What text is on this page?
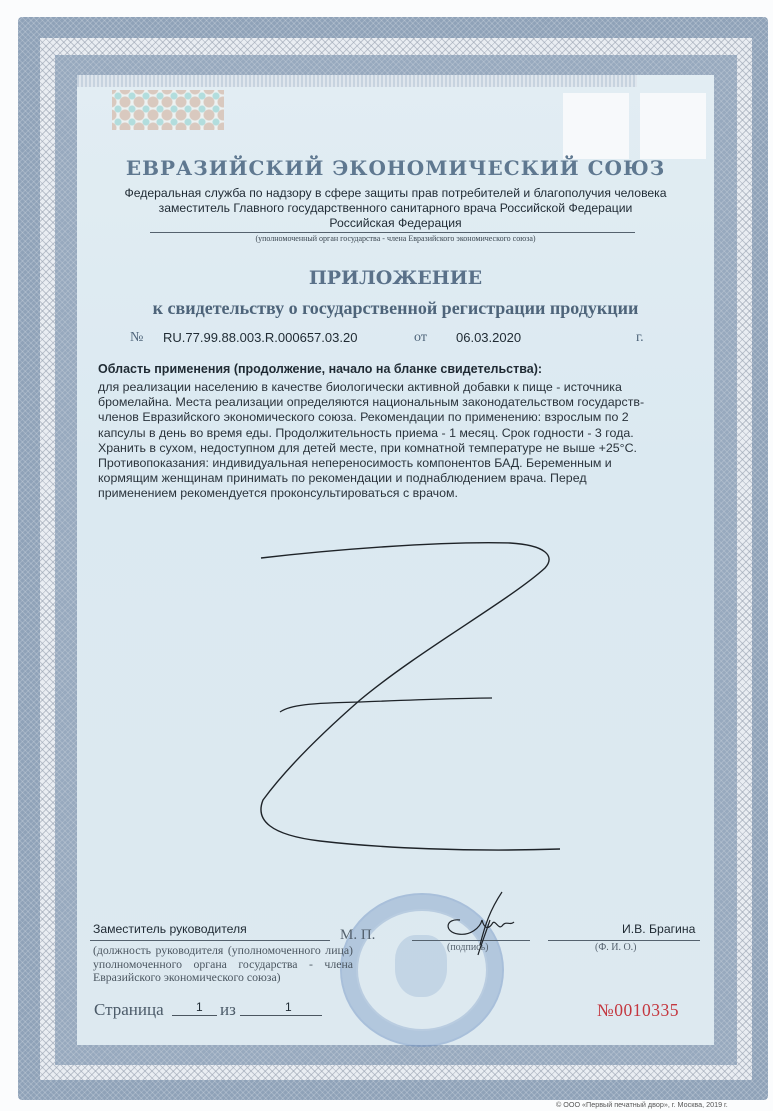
ЕВРАЗИЙСКИЙ ЭКОНОМИЧЕСКИЙ СОЮЗ
Федеральная служба по надзору в сфере защиты прав потребителей и благополучия человека
заместитель Главного государственного санитарного врача Российской Федерации
Российская Федерация
(уполномоченный орган государства - члена Евразийского экономического союза)
ПРИЛОЖЕНИЕ
к свидетельству о государственной регистрации продукции
№ RU.77.99.88.003.R.000657.03.20	от 06.03.2020	г.
Область применения (продолжение, начало на бланке свидетельства):
для реализации населению в качестве биологически активной добавки к пище - источника
бромелайна. Места реализации определяются национальным законодательством государств-
членов Евразийского экономического союза. Рекомендации по применению: взрослым по 2
капсулы в день во время еды. Продолжительность приема - 1 месяц. Срок годности - 3 года.
Хранить в сухом, недоступном для детей месте, при комнатной температуре не выше +25°C.
Противопоказания: индивидуальная непереносимость компонентов БАД. Беременным и
кормящим женщинам принимать по рекомендации и поднаблюдением врача. Перед
применением рекомендуется проконсультироваться с врачом.
Заместитель руководителя	М. П.
(подпись)
И.В. Брагина
(Ф. И. О.)
(должность руководителя (уполномоченного лица) уполномоченного органа государства - члена Евразийского экономического союза)
Страница	1 из	1	№0010335
© ООО «Первый печатный двор», г. Москва, 2019 г.
